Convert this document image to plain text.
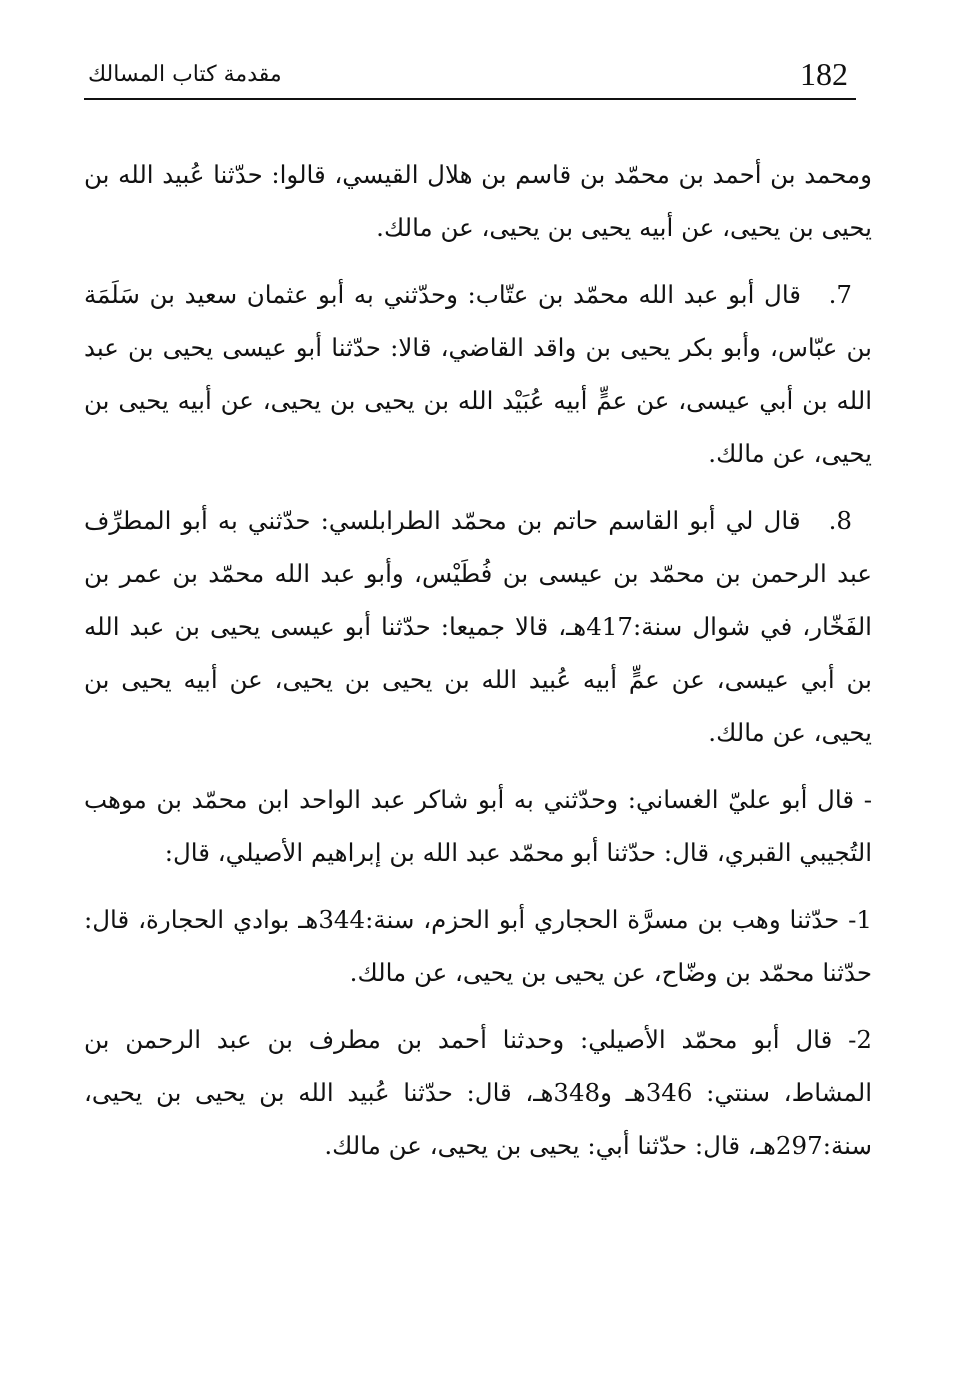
182
مقدمة كتاب المسالك

ومحمد بن أحمد بن محمّد بن قاسم بن هلال القيسي، قالوا: حدّثنا عُبيد الله بن يحيى بن يحيى، عن أبيه يحيى بن يحيى، عن مالك.

7. قال أبو عبد الله محمّد بن عتّاب: وحدّثني به أبو عثمان سعيد بن سَلَمَة بن عبّاس، وأبو بكر يحيى بن واقد القاضي، قالا: حدّثنا أبو عيسى يحيى بن عبد الله بن أبي عيسى، عن عمٍّ أبيه عُبَيْد الله بن يحيى بن يحيى، عن أبيه يحيى بن يحيى، عن مالك.

8. قال لي أبو القاسم حاتم بن محمّد الطرابلسي: حدّثني به أبو المطرِّف عبد الرحمن بن محمّد بن عيسى بن فُطَيْس، وأبو عبد الله محمّد بن عمر بن الفَخّار، في شوال سنة:417هـ، قالا جميعا: حدّثنا أبو عيسى يحيى بن عبد الله بن أبي عيسى، عن عمٍّ أبيه عُبيد الله بن يحيى بن يحيى، عن أبيه يحيى بن يحيى، عن مالك.

- قال أبو عليّ الغساني: وحدّثني به أبو شاكر عبد الواحد ابن محمّد بن موهب التُجيبي القبري، قال: حدّثنا أبو محمّد عبد الله بن إبراهيم الأصيلي، قال:

1- حدّثنا وهب بن مسرَّة الحجاري أبو الحزم، سنة:344هـ بوادي الحجارة، قال: حدّثنا محمّد بن وضّاح، عن يحيى بن يحيى، عن مالك.

2- قال أبو محمّد الأصيلي: وحدثنا أحمد بن مطرف بن عبد الرحمن بن المشاط، سنتي: 346هـ و348هـ، قال: حدّثنا عُبيد الله بن يحيى بن يحيى، سنة:297هـ، قال: حدّثنا أبي: يحيى بن يحيى، عن مالك.
